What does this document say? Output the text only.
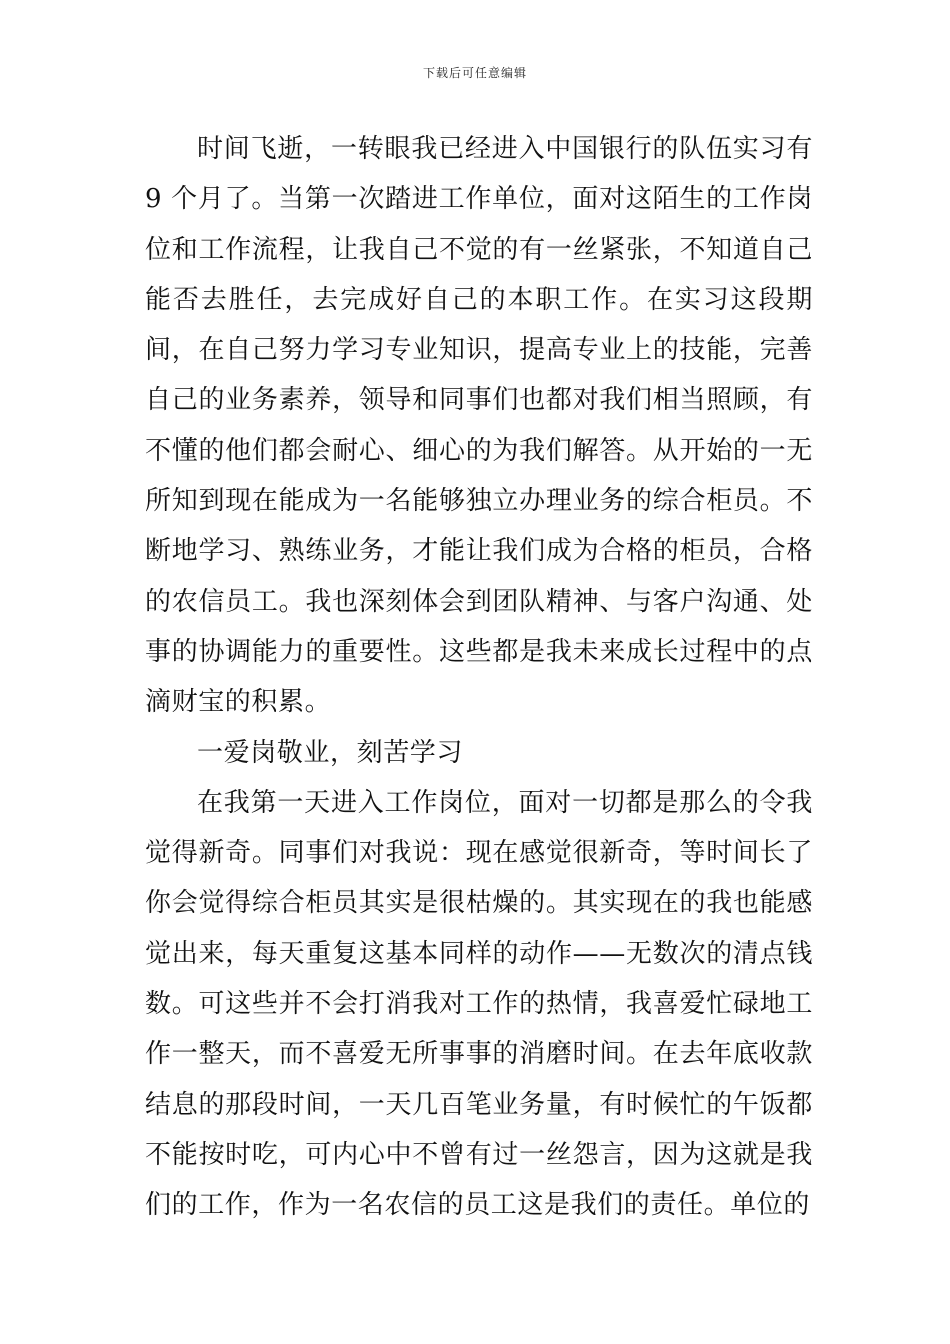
下载后可任意编辑

时间飞逝，一转眼我已经进入中国银行的队伍实习有 9 个月了。当第一次踏进工作单位，面对这陌生的工作岗位和工作流程，让我自己不觉的有一丝紧张，不知道自己能否去胜任，去完成好自己的本职工作。在实习这段期间，在自己努力学习专业知识，提高专业上的技能，完善自己的业务素养，领导和同事们也都对我们相当照顾，有不懂的他们都会耐心、细心的为我们解答。从开始的一无所知到现在能成为一名能够独立办理业务的综合柜员。不断地学习、熟练业务，才能让我们成为合格的柜员，合格的农信员工。我也深刻体会到团队精神、与客户沟通、处事的协调能力的重要性。这些都是我未来成长过程中的点滴财宝的积累。

一爱岗敬业，刻苦学习

在我第一天进入工作岗位，面对一切都是那么的令我觉得新奇。同事们对我说：现在感觉很新奇，等时间长了你会觉得综合柜员其实是很枯燥的。其实现在的我也能感觉出来，每天重复这基本同样的动作——无数次的清点钱数。可这些并不会打消我对工作的热情，我喜爱忙碌地工作一整天，而不喜爱无所事事的消磨时间。在去年底收款结息的那段时间，一天几百笔业务量，有时候忙的午饭都不能按时吃，可内心中不曾有过一丝怨言，因为这就是我们的工作，作为一名农信的员工这是我们的责任。单位的
